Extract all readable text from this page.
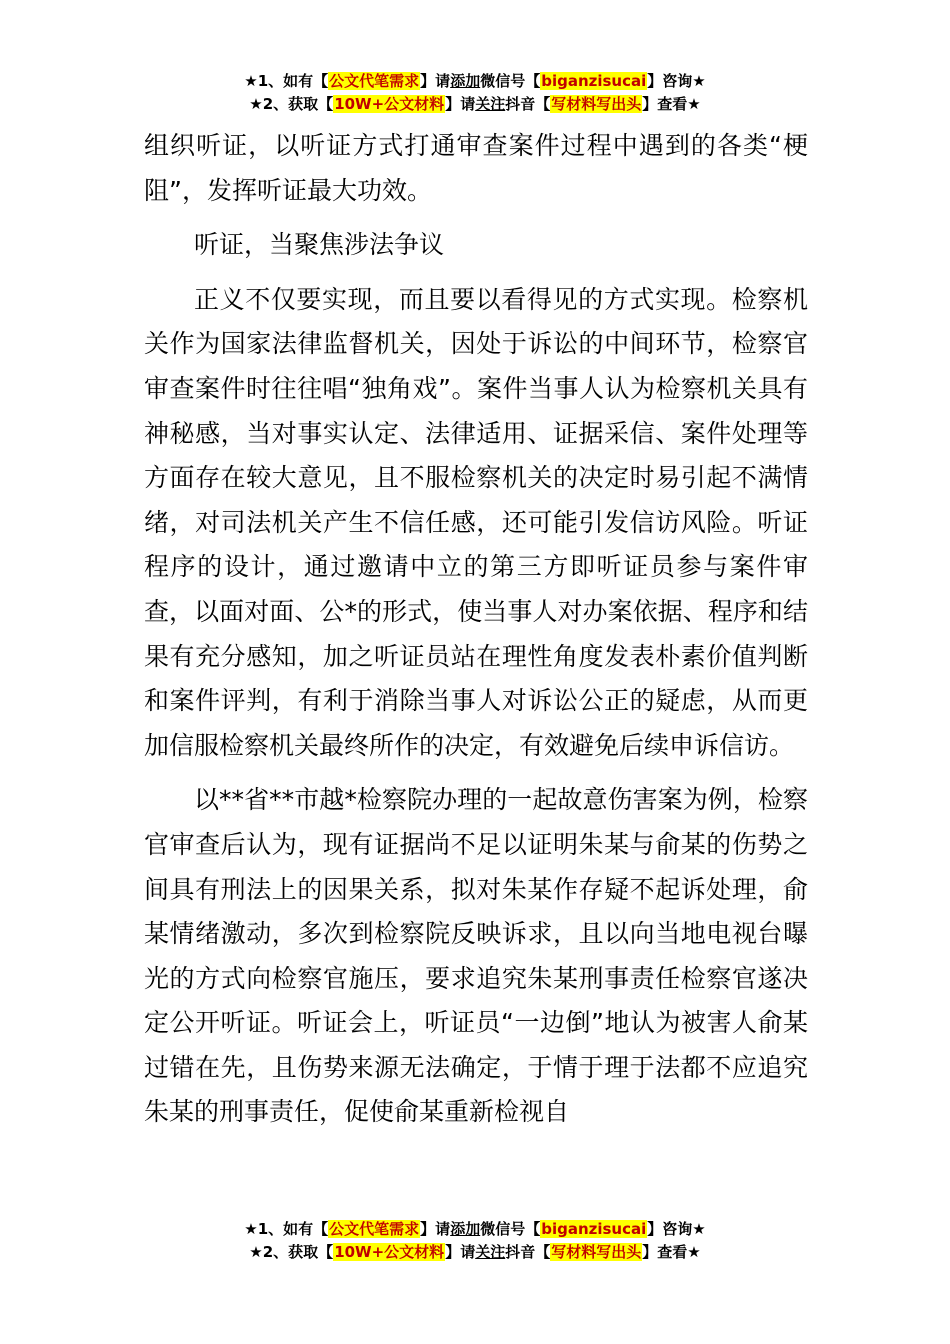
★1、如有【公文代笔需求】请添加微信号【biganzisucai】咨询★
★2、获取【10W+公文材料】请关注抖音【写材料写出头】查看★

组织听证，以听证方式打通审查案件过程中遇到的各类“梗阻”，发挥听证最大功效。

听证，当聚焦涉法争议

正义不仅要实现，而且要以看得见的方式实现。检察机关作为国家法律监督机关，因处于诉讼的中间环节，检察官审查案件时往往唱“独角戏”。案件当事人认为检察机关具有神秘感，当对事实认定、法律适用、证据采信、案件处理等方面存在较大意见，且不服检察机关的决定时易引起不满情绪，对司法机关产生不信任感，还可能引发信访风险。听证程序的设计，通过邀请中立的第三方即听证员参与案件审查，以面对面、公*的形式，使当事人对办案依据、程序和结果有充分感知，加之听证员站在理性角度发表朴素价值判断和案件评判，有利于消除当事人对诉讼公正的疑虑，从而更加信服检察机关最终所作的决定，有效避免后续申诉信访。

以**省**市越*检察院办理的一起故意伤害案为例，检察官审查后认为，现有证据尚不足以证明朱某与俞某的伤势之间具有刑法上的因果关系，拟对朱某作存疑不起诉处理，俞某情绪激动，多次到检察院反映诉求，且以向当地电视台曝光的方式向检察官施压，要求追究朱某刑事责任检察官遂决定公开听证。听证会上，听证员“一边倒”地认为被害人俞某过错在先，且伤势来源无法确定，于情于理于法都不应追究朱某的刑事责任，促使俞某重新检视自

★1、如有【公文代笔需求】请添加微信号【biganzisucai】咨询★
★2、获取【10W+公文材料】请关注抖音【写材料写出头】查看★
